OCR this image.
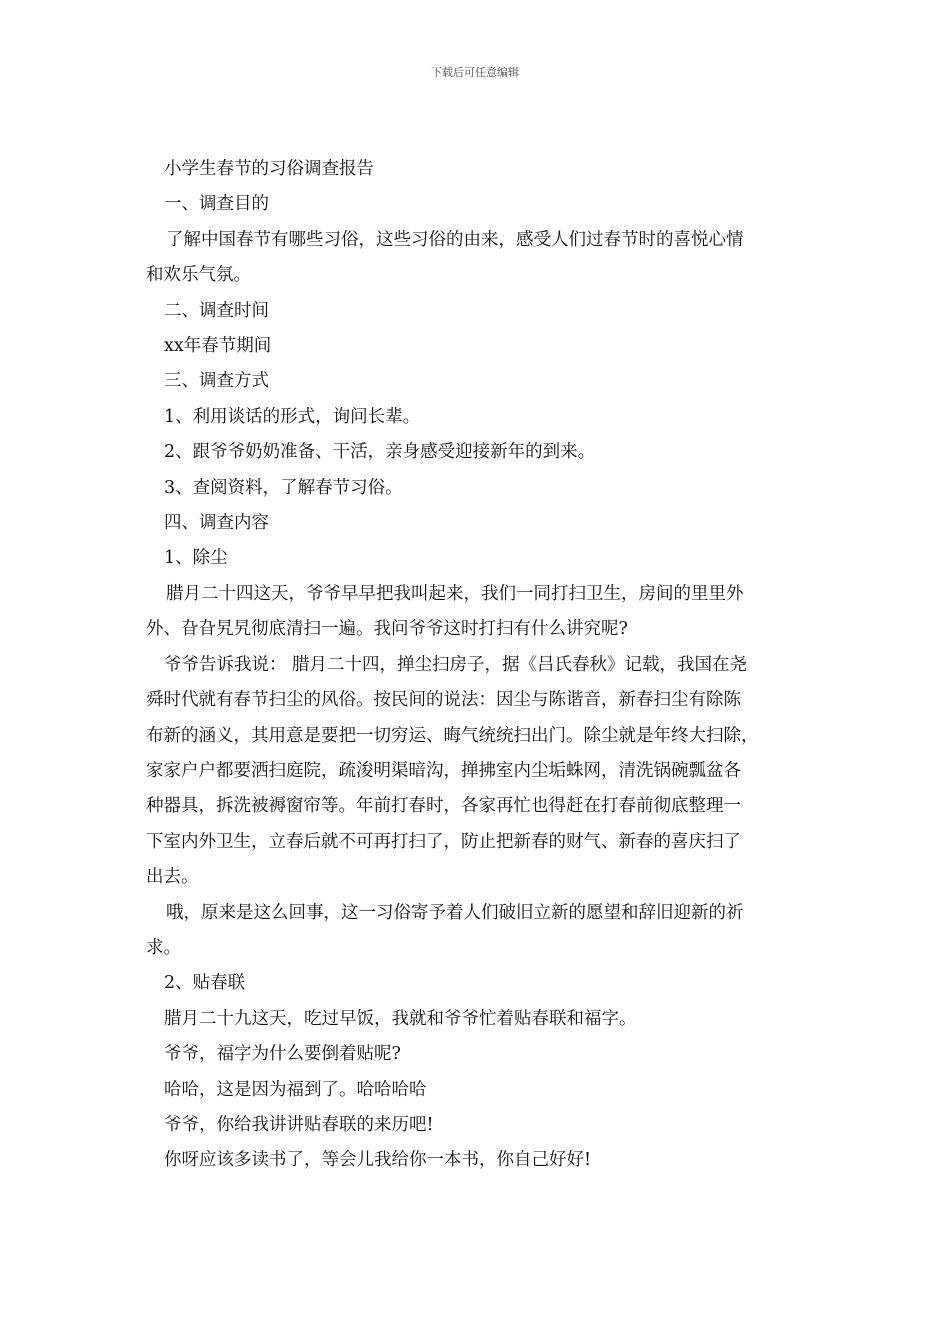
下载后可任意编辑

小学生春节的习俗调查报告

一、调查目的

了解中国春节有哪些习俗，这些习俗的由来，感受人们过春节时的喜悦心情

和欢乐气氛。

二、调查时间

xx年春节期间

三、调查方式

1、利用谈话的形式，询问长辈。

2、跟爷爷奶奶准备、干活，亲身感受迎接新年的到来。

3、查阅资料，了解春节习俗。

四、调查内容

1、除尘

腊月二十四这天，爷爷早早把我叫起来，我们一同打扫卫生，房间的里里外

外、旮旮旯旯彻底清扫一遍。我问爷爷这时打扫有什么讲究呢?

爷爷告诉我说： 腊月二十四，掸尘扫房子，据《吕氏春秋》记载，我国在尧

舜时代就有春节扫尘的风俗。按民间的说法：因尘与陈谐音，新春扫尘有除陈

布新的涵义，其用意是要把一切穷运、晦气统统扫出门。除尘就是年终大扫除，

家家户户都要洒扫庭院，疏浚明渠暗沟，掸拂室内尘垢蛛网，清洗锅碗瓢盆各

种器具，拆洗被褥窗帘等。年前打春时，各家再忙也得赶在打春前彻底整理一

下室内外卫生，立春后就不可再打扫了，防止把新春的财气、新春的喜庆扫了

出去。

哦，原来是这么回事，这一习俗寄予着人们破旧立新的愿望和辞旧迎新的祈

求。

2、贴春联

腊月二十九这天，吃过早饭，我就和爷爷忙着贴春联和福字。

爷爷，福字为什么要倒着贴呢?

哈哈，这是因为福到了。哈哈哈哈

爷爷，你给我讲讲贴春联的来历吧!

你呀应该多读书了，等会儿我给你一本书，你自己好好!
